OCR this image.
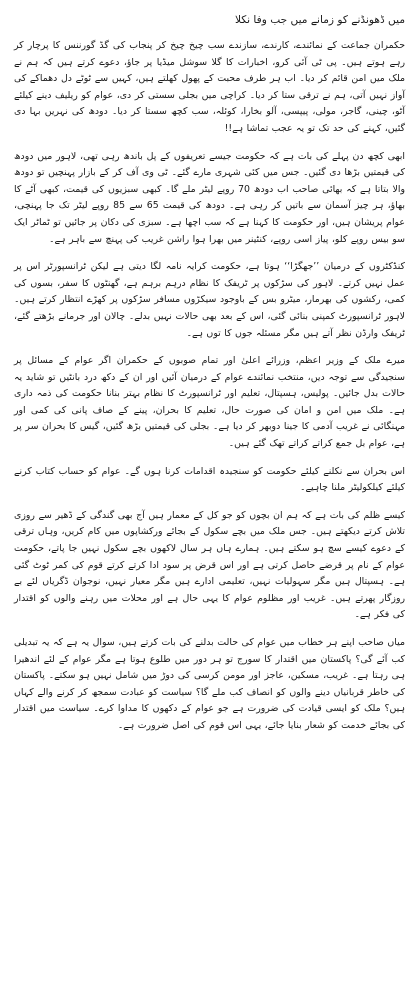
میں ڈھونڈنے کو زمانے میں جب وفا نکلا

حکمران جماعت کے نمائندے، کارندے، سازندے سب چیخ چیخ کر پنجاب کی گڈ گورننس کا پرچار کر رہے ہوتے ہیں۔ پی ٹی آئی کرو، اخبارات کا گلا سوشل میڈیا پر جاؤ، دعوے کرتے ہیں کہ ہم نے ملک میں امن قائم کر دیا۔ اب ہر طرف محبت کے پھول کھلتے ہیں، کہیں سے ٹوٹے دل دھماکے کی آواز نہیں آتی، ہم نے ترقی ستا کر دیا۔ کراچی میں بجلی سستی کر دی، عوام کو ریلیف دینے کیلئے آٹو، چینی، گاجر، مولی، پیپسی، آلو بخارا، کوئلہ، سب کچھ سستا کر دیا۔ دودھ کی نہریں بہا دی گئیں، کہنے کی حد تک تو یہ عجب تماشا ہے!!

ابھی کچھ دن پہلے کی بات ہے کہ حکومت جیسے تعریفوں کے پل باندھ رہی تھی، لاہور میں دودھ کی قیمتیں بڑھا دی گئیں۔ جس میں کئی شہری مارے گئے۔ ٹی وی آف کر کے بازار پہنچیں تو دودھ والا بتاتا ہے کہ بھائی صاحب اب دودھ 70 روپے لیٹر ملے گا۔ کبھی سبزیوں کی قیمت، کبھی آٹے کا بھاؤ، ہر چیز آسمان سے باتیں کر رہی ہے۔ دودھ کی قیمت 65 سے 85 روپے لیٹر تک جا پہنچی، عوام پریشان ہیں، اور حکومت کا کہنا ہے کہ سب اچھا ہے۔ سبزی کی دکان پر جائیں تو ٹماٹر ایک سو بیس روپے کلو، پیاز اسی روپے، کنٹینر میں بھرا ہوا راشن غریب کی پہنچ سے باہر ہے۔

کنڈکٹروں کے درمیان ’’جھگڑا‘‘ ہوتا ہے، حکومت کرایہ نامہ لگا دیتی ہے لیکن ٹرانسپورٹر اس پر عمل نہیں کرتے۔ لاہور کی سڑکوں پر ٹریفک کا نظام درہم برہم ہے، گھنٹوں کا سفر، بسوں کی کمی، رکشوں کی بھرمار، میٹرو بس کے باوجود سیکڑوں مسافر سڑکوں پر کھڑے انتظار کرتے ہیں۔ لاہور ٹرانسپورٹ کمپنی بنائی گئی، اس کے بعد بھی حالات نہیں بدلے۔ چالان اور جرمانے بڑھتے گئے، ٹریفک وارڈن نظر آتے ہیں مگر مسئلہ جوں کا توں ہے۔

میرے ملک کے وزیر اعظم، وزرائے اعلیٰ اور تمام صوبوں کے حکمران اگر عوام کے مسائل پر سنجیدگی سے توجہ دیں، منتخب نمائندے عوام کے درمیان آئیں اور ان کے دکھ درد بانٹیں تو شاید یہ حالات بدل جائیں۔ پولیس، ہسپتال، تعلیم اور ٹرانسپورٹ کا نظام بہتر بنانا حکومت کی ذمہ داری ہے۔ ملک میں امن و امان کی صورت حال، تعلیم کا بحران، پینے کے صاف پانی کی کمی اور مہنگائی نے غریب آدمی کا جینا دوبھر کر دیا ہے۔ بجلی کی قیمتیں بڑھ گئیں، گیس کا بحران سر پر ہے، عوام بل جمع کراتے کراتے تھک گئے ہیں۔

اس بحران سے نکلنے کیلئے حکومت کو سنجیدہ اقدامات کرنا ہوں گے۔ عوام کو حساب کتاب کرنے کیلئے کیلکولیٹر ملنا چاہیے۔

کیسے ظلم کی بات ہے کہ ہم ان بچوں کو جو کل کے معمار ہیں آج بھی گندگی کے ڈھیر سے روزی تلاش کرتے دیکھتے ہیں۔ جس ملک میں بچے سکول کے بجائے ورکشاپوں میں کام کریں، وہاں ترقی کے دعوے کیسے سچ ہو سکتے ہیں۔ ہمارے ہاں ہر سال لاکھوں بچے سکول نہیں جا پاتے، حکومت عوام کے نام پر قرضے حاصل کرتی ہے اور اس قرض پر سود ادا کرتے کرتے قوم کی کمر ٹوٹ گئی ہے۔ ہسپتال ہیں مگر سہولیات نہیں، تعلیمی ادارے ہیں مگر معیار نہیں، نوجوان ڈگریاں لئے بے روزگار پھرتے ہیں۔ غریب اور مظلوم عوام کا یہی حال ہے اور محلات میں رہنے والوں کو اقتدار کی فکر ہے۔

میاں صاحب اپنے ہر خطاب میں عوام کی حالت بدلنے کی بات کرتے ہیں، سوال یہ ہے کہ یہ تبدیلی کب آئے گی؟ پاکستان میں اقتدار کا سورج تو ہر دور میں طلوع ہوتا ہے مگر عوام کے لئے اندھیرا ہی رہتا ہے۔ غریب، مسکین، عاجز اور مومن کرسی کی دوڑ میں شامل نہیں ہو سکتے۔ پاکستان کی خاطر قربانیاں دینے والوں کو انصاف کب ملے گا؟ سیاست کو عبادت سمجھ کر کرنے والے کہاں ہیں؟ ملک کو ایسی قیادت کی ضرورت ہے جو عوام کے دکھوں کا مداوا کرے۔ سیاست میں اقتدار کی بجائے خدمت کو شعار بنایا جائے، یہی اس قوم کی اصل ضرورت ہے۔
